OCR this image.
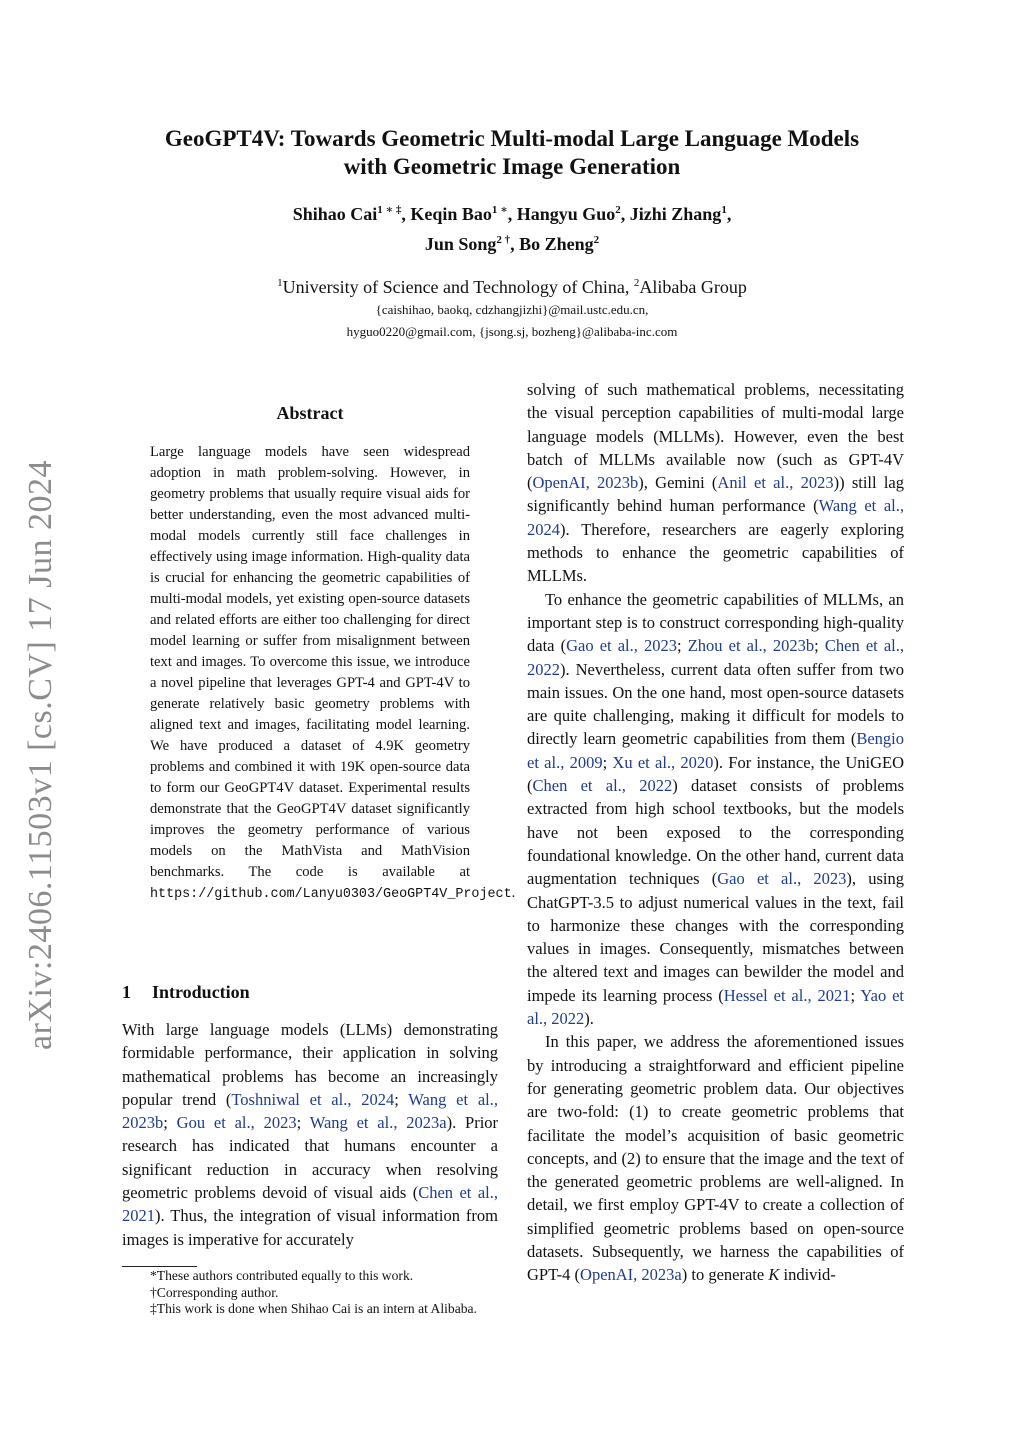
arXiv:2406.11503v1 [cs.CV] 17 Jun 2024
GeoGPT4V: Towards Geometric Multi-modal Large Language Models
with Geometric Image Generation
Shihao Cai$^{1 ∗ \ddagger}$, Keqin Bao$^{1 ∗}$, Hangyu Guo$^2$, Jizhi Zhang$^1$,
Jun Song$^{2 \dagger}$, Bo Zheng$^2$
$^1$University of Science and Technology of China, $^2$Alibaba Group
{caishihao, baokq, cdzhangjizhi}@mail.ustc.edu.cn,
hyguo0220@gmail.com, {jsong.sj, bozheng}@alibaba-inc.com
Abstract
Large language models have seen widespread adoption in math problem-solving. However, in geometry problems that usually require visual aids for better understanding, even the most advanced multi-modal models currently still face challenges in effectively using image information. High-quality data is crucial for enhancing the geometric capabilities of multi-modal models, yet existing open-source datasets and related efforts are either too challenging for direct model learning or suffer from misalignment between text and images. To overcome this issue, we introduce a novel pipeline that leverages GPT-4 and GPT-4V to generate relatively basic geometry problems with aligned text and images, facilitating model learning. We have produced a dataset of 4.9K geometry problems and combined it with 19K open-source data to form our GeoGPT4V dataset. Experimental results demonstrate that the GeoGPT4V dataset significantly improves the geometry performance of various models on the MathVista and MathVision benchmarks. The code is available at https://github.com/Lanyu0303/GeoGPT4V_Project.
1 Introduction

With large language models (LLMs) demonstrating formidable performance, their application in solving mathematical problems has become an increasingly popular trend (Toshniwal et al., 2024; Wang et al., 2023b; Gou et al., 2023; Wang et al., 2023a). Prior research has indicated that humans encounter a significant reduction in accuracy when resolving geometric problems devoid of visual aids (Chen et al., 2021). Thus, the integration of visual information from images is imperative for accurately

*These authors contributed equally to this work.
†Corresponding author.
‡This work is done when Shihao Cai is an intern at Alibaba.

solving of such mathematical problems, necessitating the visual perception capabilities of multi-modal large language models (MLLMs). However, even the best batch of MLLMs available now (such as GPT-4V (OpenAI, 2023b), Gemini (Anil et al., 2023)) still lag significantly behind human performance (Wang et al., 2024). Therefore, researchers are eagerly exploring methods to enhance the geometric capabilities of MLLMs.

To enhance the geometric capabilities of MLLMs, an important step is to construct corresponding high-quality data (Gao et al., 2023; Zhou et al., 2023b; Chen et al., 2022). Nevertheless, current data often suffer from two main issues. On the one hand, most open-source datasets are quite challenging, making it difficult for models to directly learn geometric capabilities from them (Bengio et al., 2009; Xu et al., 2020). For instance, the UniGEO (Chen et al., 2022) dataset consists of problems extracted from high school textbooks, but the models have not been exposed to the corresponding foundational knowledge. On the other hand, current data augmentation techniques (Gao et al., 2023), using ChatGPT-3.5 to adjust numerical values in the text, fail to harmonize these changes with the corresponding values in images. Consequently, mismatches between the altered text and images can bewilder the model and impede its learning process (Hessel et al., 2021; Yao et al., 2022).

In this paper, we address the aforementioned issues by introducing a straightforward and efficient pipeline for generating geometric problem data. Our objectives are two-fold: (1) to create geometric problems that facilitate the model’s acquisition of basic geometric concepts, and (2) to ensure that the image and the text of the generated geometric problems are well-aligned. In detail, we first employ GPT-4V to create a collection of simplified geometric problems based on open-source datasets. Subsequently, we harness the capabilities of GPT-4 (OpenAI, 2023a) to generate K individ-
